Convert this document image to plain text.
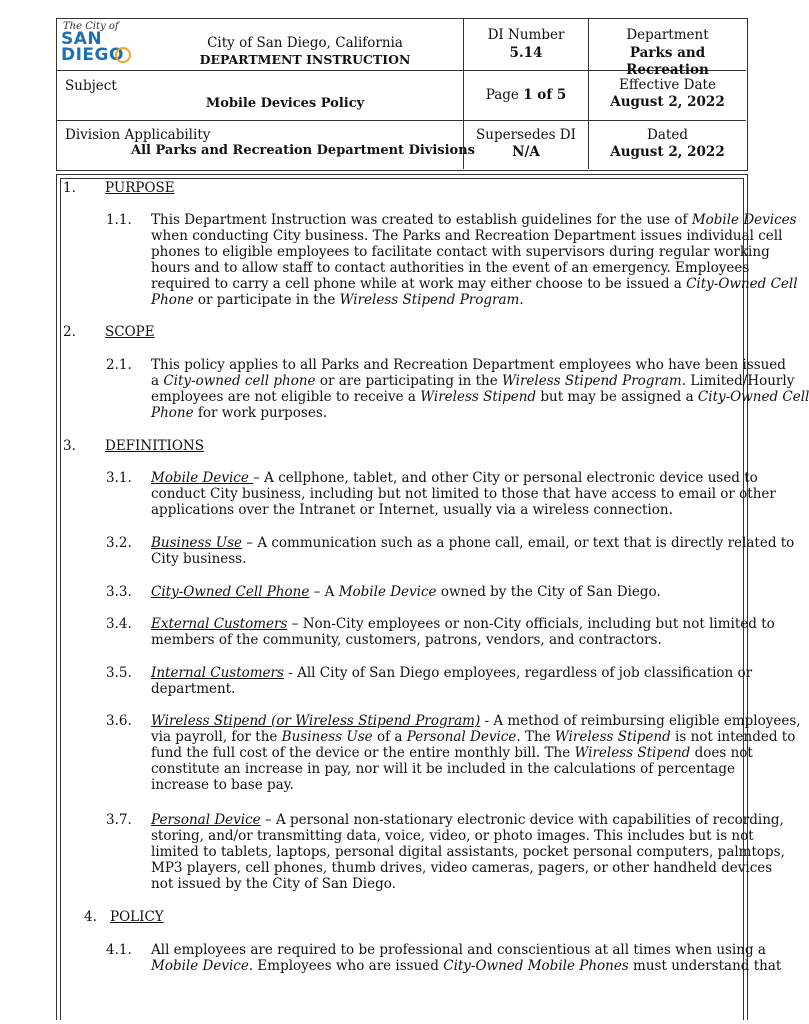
The City of
SAN
DIEGO
City of San Diego, California
DEPARTMENT INSTRUCTION
DI Number
5.14
Department
Parks and Recreation
Subject
Mobile Devices Policy
Page 1 of 5
Effective Date
August 2, 2022
Division Applicability
All Parks and Recreation Department Divisions
Supersedes DI
N/A
Dated
August 2, 2022
1. PURPOSE
1.1. This Department Instruction was created to establish guidelines for the use of Mobile Devices
when conducting City business. The Parks and Recreation Department issues individual cell
phones to eligible employees to facilitate contact with supervisors during regular working
hours and to allow staff to contact authorities in the event of an emergency. Employees
required to carry a cell phone while at work may either choose to be issued a City-Owned Cell
Phone or participate in the Wireless Stipend Program.
2. SCOPE
2.1. This policy applies to all Parks and Recreation Department employees who have been issued
a City-owned cell phone or are participating in the Wireless Stipend Program. Limited/Hourly
employees are not eligible to receive a Wireless Stipend but may be assigned a City-Owned Cell
Phone for work purposes.
3. DEFINITIONS
3.1. Mobile Device – A cellphone, tablet, and other City or personal electronic device used to
conduct City business, including but not limited to those that have access to email or other
applications over the Intranet or Internet, usually via a wireless connection.
3.2. Business Use – A communication such as a phone call, email, or text that is directly related to
City business.
3.3. City-Owned Cell Phone – A Mobile Device owned by the City of San Diego.
3.4. External Customers – Non-City employees or non-City officials, including but not limited to
members of the community, customers, patrons, vendors, and contractors.
3.5. Internal Customers - All City of San Diego employees, regardless of job classification or
department.
3.6. Wireless Stipend (or Wireless Stipend Program) - A method of reimbursing eligible employees,
via payroll, for the Business Use of a Personal Device. The Wireless Stipend is not intended to
fund the full cost of the device or the entire monthly bill. The Wireless Stipend does not
constitute an increase in pay, nor will it be included in the calculations of percentage
increase to base pay.
3.7. Personal Device – A personal non-stationary electronic device with capabilities of recording,
storing, and/or transmitting data, voice, video, or photo images. This includes but is not
limited to tablets, laptops, personal digital assistants, pocket personal computers, palmtops,
MP3 players, cell phones, thumb drives, video cameras, pagers, or other handheld devices
not issued by the City of San Diego.
4. POLICY
4.1. All employees are required to be professional and conscientious at all times when using a
Mobile Device. Employees who are issued City-Owned Mobile Phones must understand that
